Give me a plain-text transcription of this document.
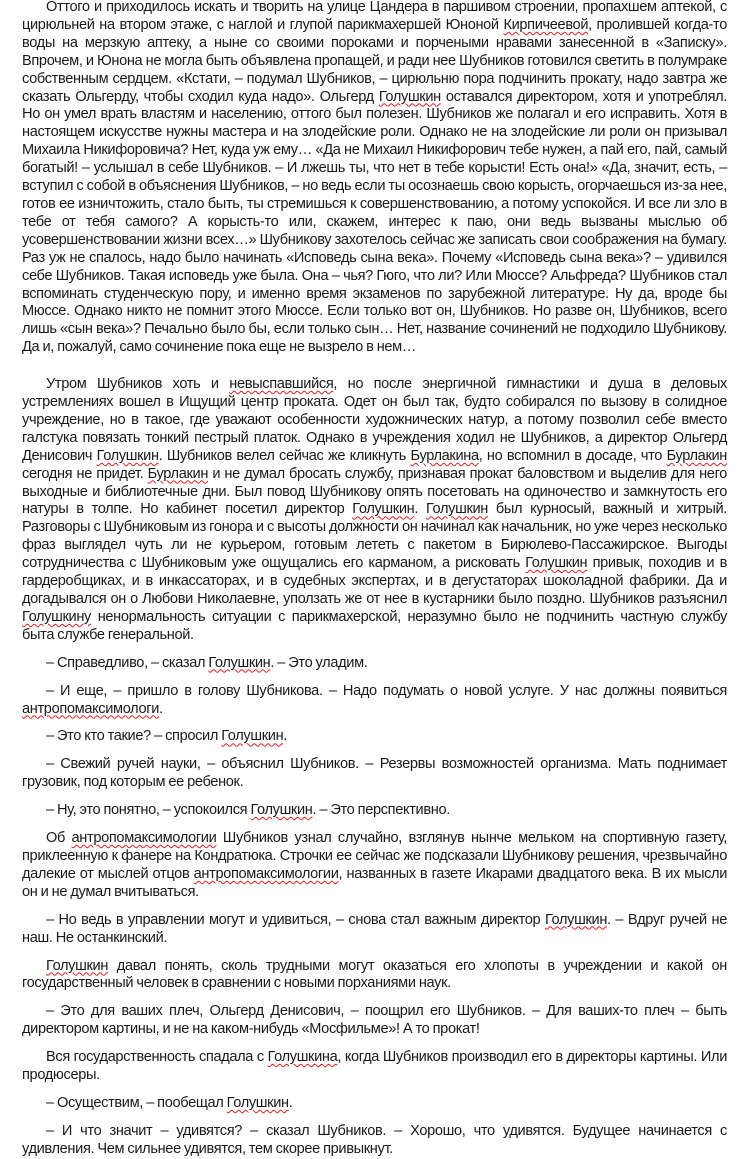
Оттого и приходилось искать и творить на улице Цандера в паршивом строении, пропахшем аптекой, с цирюльней на втором этаже, с наглой и глупой парикмахершей Юноной Кирпичеевой, пролившей когда-то воды на мерзкую аптеку, а ныне со своими пороками и порчеными нравами занесенной в «Записку». Впрочем, и Юнона не могла быть объявлена пропащей, и ради нее Шубников готовился светить в полумраке собственным сердцем. «Кстати, – подумал Шубников, – цирюльню пора подчинить прокату, надо завтра же сказать Ольгерду, чтобы сходил куда надо». Ольгерд Голушкин оставался директором, хотя и употреблял. Но он умел врать властям и населению, оттого был полезен. Шубников же полагал и его исправить. Хотя в настоящем искусстве нужны мастера и на злодейские роли. Однако не на злодейские ли роли он призывал Михаила Никифоровича? Нет, куда уж ему… «Да не Михаил Никифорович тебе нужен, а пай его, пай, самый богатый! – услышал в себе Шубников. – И лжешь ты, что нет в тебе корысти! Есть она!» «Да, значит, есть, – вступил с собой в объяснения Шубников, – но ведь если ты осознаешь свою корысть, огорчаешься из-за нее, готов ее изничтожить, стало быть, ты стремишься к совершенствованию, а потому успокойся. И все ли зло в тебе от тебя самого? А корысть-то или, скажем, интерес к паю, они ведь вызваны мыслью об усовершенствовании жизни всех…» Шубникову захотелось сейчас же записать свои соображения на бумагу. Раз уж не спалось, надо было начинать «Исповедь сына века». Почему «Исповедь сына века»? – удивился себе Шубников. Такая исповедь уже была. Она – чья? Гюго, что ли? Или Мюссе? Альфреда? Шубников стал вспоминать студенческую пору, и именно время экзаменов по зарубежной литературе. Ну да, вроде бы Мюссе. Однако никто не помнит этого Мюссе. Если только вот он, Шубников. Но разве он, Шубников, всего лишь «сын века»? Печально было бы, если только сын… Нет, название сочинений не подходило Шубникову. Да и, пожалуй, само сочинение пока еще не вызрело в нем…

Утром Шубников хоть и невыспавшийся, но после энергичной гимнастики и душа в деловых устремлениях вошел в Ищущий центр проката. Одет он был так, будто собирался по вызову в солидное учреждение, но в такое, где уважают особенности художнических натур, а потому позволил себе вместо галстука повязать тонкий пестрый платок. Однако в учреждения ходил не Шубников, а директор Ольгерд Денисович Голушкин. Шубников велел сейчас же кликнуть Бурлакина, но вспомнил в досаде, что Бурлакин сегодня не придет. Бурлакин и не думал бросать службу, признавая прокат баловством и выделив для него выходные и библиотечные дни. Был повод Шубникову опять посетовать на одиночество и замкнутость его натуры в толпе. Но кабинет посетил директор Голушкин. Голушкин был курносый, важный и хитрый. Разговоры с Шубниковым из гонора и с высоты должности он начинал как начальник, но уже через несколько фраз выглядел чуть ли не курьером, готовым лететь с пакетом в Бирюлево-Пассажирское. Выгоды сотрудничества с Шубниковым уже ощущались его карманом, а рисковать Голушкин привык, походив и в гардеробщиках, и в инкассаторах, и в судебных экспертах, и в дегустаторах шоколадной фабрики. Да и догадывался он о Любови Николаевне, уползать же от нее в кустарники было поздно. Шубников разъяснил Голушкину ненормальность ситуации с парикмахерской, неразумно было не подчинить частную службу быта службе генеральной.

– Справедливо, – сказал Голушкин. – Это уладим.

– И еще, – пришло в голову Шубникова. – Надо подумать о новой услуге. У нас должны появиться антропомаксимологи.

– Это кто такие? – спросил Голушкин.

– Свежий ручей науки, – объяснил Шубников. – Резервы возможностей организма. Мать поднимает грузовик, под которым ее ребенок.

– Ну, это понятно, – успокоился Голушкин. – Это перспективно.

Об антропомаксимологии Шубников узнал случайно, взглянув нынче мельком на спортивную газету, приклеенную к фанере на Кондратюка. Строчки ее сейчас же подсказали Шубникову решения, чрезвычайно далекие от мыслей отцов антропомаксимологии, названных в газете Икарами двадцатого века. В их мысли он и не думал вчитываться.

– Но ведь в управлении могут и удивиться, – снова стал важным директор Голушкин. – Вдруг ручей не наш. Не останкинский.

Голушкин давал понять, сколь трудными могут оказаться его хлопоты в учреждении и какой он государственный человек в сравнении с новыми порханиями наук.

– Это для ваших плеч, Ольгерд Денисович, – поощрил его Шубников. – Для ваших-то плеч – быть директором картины, и не на каком-нибудь «Мосфильме»! А то прокат!

Вся государственность спадала с Голушкина, когда Шубников производил его в директоры картины. Или продюсеры.

– Осуществим, – пообещал Голушкин.

– И что значит – удивятся? – сказал Шубников. – Хорошо, что удивятся. Будущее начинается с удивления. Чем сильнее удивятся, тем скорее привыкнут.
